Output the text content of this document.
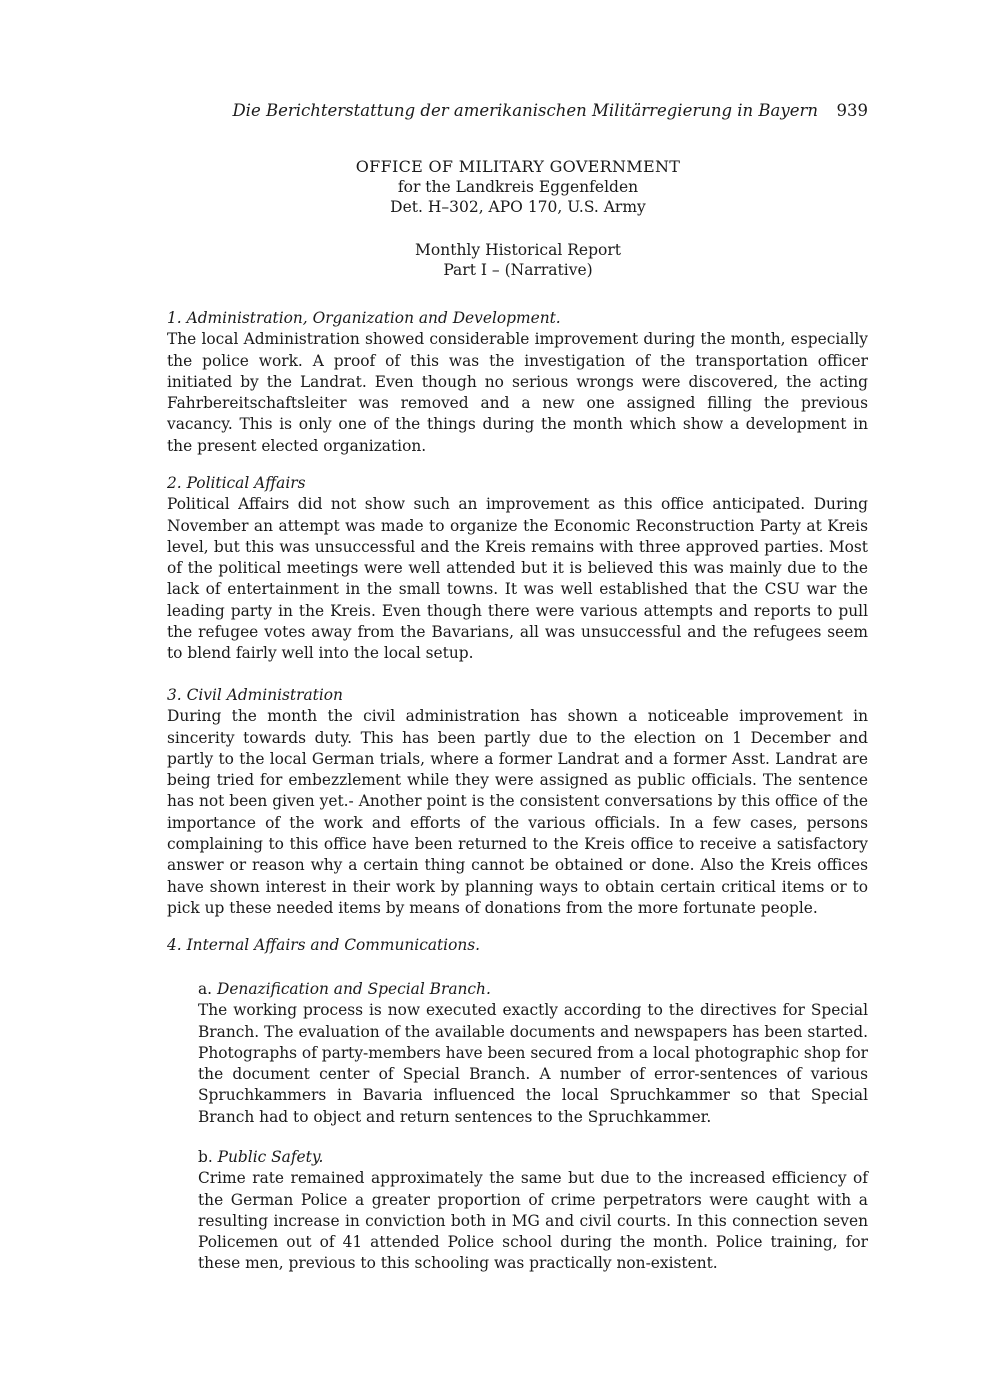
Die Berichterstattung der amerikanischen Militärregierung in Bayern 939
OFFICE OF MILITARY GOVERNMENT
for the Landkreis Eggenfelden
Det. H–302, APO 170, U.S. Army
Monthly Historical Report
Part I – (Narrative)

1. Administration, Organization and Development.

The local Administration showed considerable improvement during the month, especially the police work. A proof of this was the investigation of the transportation officer initiated by the Landrat. Even though no serious wrongs were discovered, the acting Fahrbereitschaftsleiter was removed and a new one assigned filling the previous vacancy. This is only one of the things during the month which show a development in the present elected organization.

2. Political Affairs

Political Affairs did not show such an improvement as this office anticipated. During November an attempt was made to organize the Economic Reconstruction Party at Kreis level, but this was unsuccessful and the Kreis remains with three approved parties. Most of the political meetings were well attended but it is believed this was mainly due to the lack of entertainment in the small towns. It was well established that the CSU war the leading party in the Kreis. Even though there were various attempts and reports to pull the refugee votes away from the Bavarians, all was unsuccessful and the refugees seem to blend fairly well into the local setup.

3. Civil Administration

During the month the civil administration has shown a noticeable improvement in sincerity towards duty. This has been partly due to the election on 1 December and partly to the local German trials, where a former Landrat and a former Asst. Landrat are being tried for embezzlement while they were assigned as public officials. The sentence has not been given yet.- Another point is the consistent conversations by this office of the importance of the work and efforts of the various officials. In a few cases, persons complaining to this office have been returned to the Kreis office to receive a satisfactory answer or reason why a certain thing cannot be obtained or done. Also the Kreis offices have shown interest in their work by planning ways to obtain certain critical items or to pick up these needed items by means of donations from the more fortunate people.

4. Internal Affairs and Communications.

a. Denazification and Special Branch.

The working process is now executed exactly according to the directives for Special Branch. The evaluation of the available documents and newspapers has been started. Photographs of party-members have been secured from a local photographic shop for the document center of Special Branch. A number of error-sentences of various Spruchkammers in Bavaria influenced the local Spruchkammer so that Special Branch had to object and return sentences to the Spruchkammer.

b. Public Safety.

Crime rate remained approximately the same but due to the increased efficiency of the German Police a greater proportion of crime perpetrators were caught with a resulting increase in conviction both in MG and civil courts. In this connection seven Policemen out of 41 attended Police school during the month. Police training, for these men, previous to this schooling was practically non-existent.
